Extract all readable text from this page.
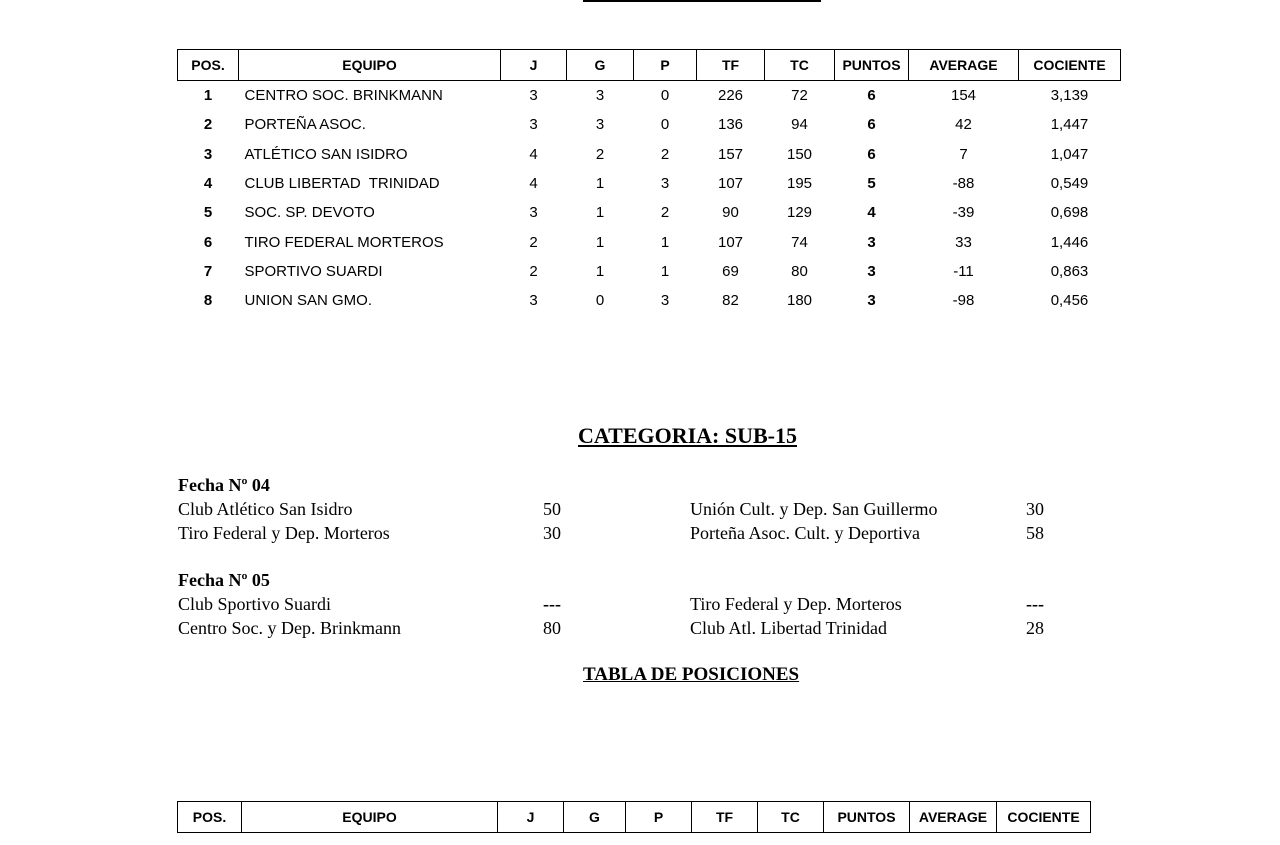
POS.	EQUIPO	J	G	P	TF	TC	PUNTOS	AVERAGE	COCIENTE
1	CENTRO SOC. BRINKMANN	3	3	0	226	72	6	154	3,139
2	PORTEÑA ASOC.	3	3	0	136	94	6	42	1,447
3	ATLÉTICO SAN ISIDRO	4	2	2	157	150	6	7	1,047
4	CLUB LIBERTAD  TRINIDAD	4	1	3	107	195	5	-88	0,549
5	SOC. SP. DEVOTO	3	1	2	90	129	4	-39	0,698
6	TIRO FEDERAL MORTEROS	2	1	1	107	74	3	33	1,446
7	SPORTIVO SUARDI	2	1	1	69	80	3	-11	0,863
8	UNION SAN GMO.	3	0	3	82	180	3	-98	0,456
CATEGORIA: SUB-15
Fecha Nº 04
Club Atlético San Isidro	50	Unión Cult. y Dep. San Guillermo	30
Tiro Federal y Dep. Morteros	30	Porteña Asoc. Cult. y Deportiva	58
Fecha Nº 05
Club Sportivo Suardi	---	Tiro Federal y Dep. Morteros	---
Centro Soc. y Dep. Brinkmann	80	Club Atl. Libertad Trinidad	28
TABLA DE POSICIONES
POS.	EQUIPO	J	G	P	TF	TC	PUNTOS	AVERAGE	COCIENTE
